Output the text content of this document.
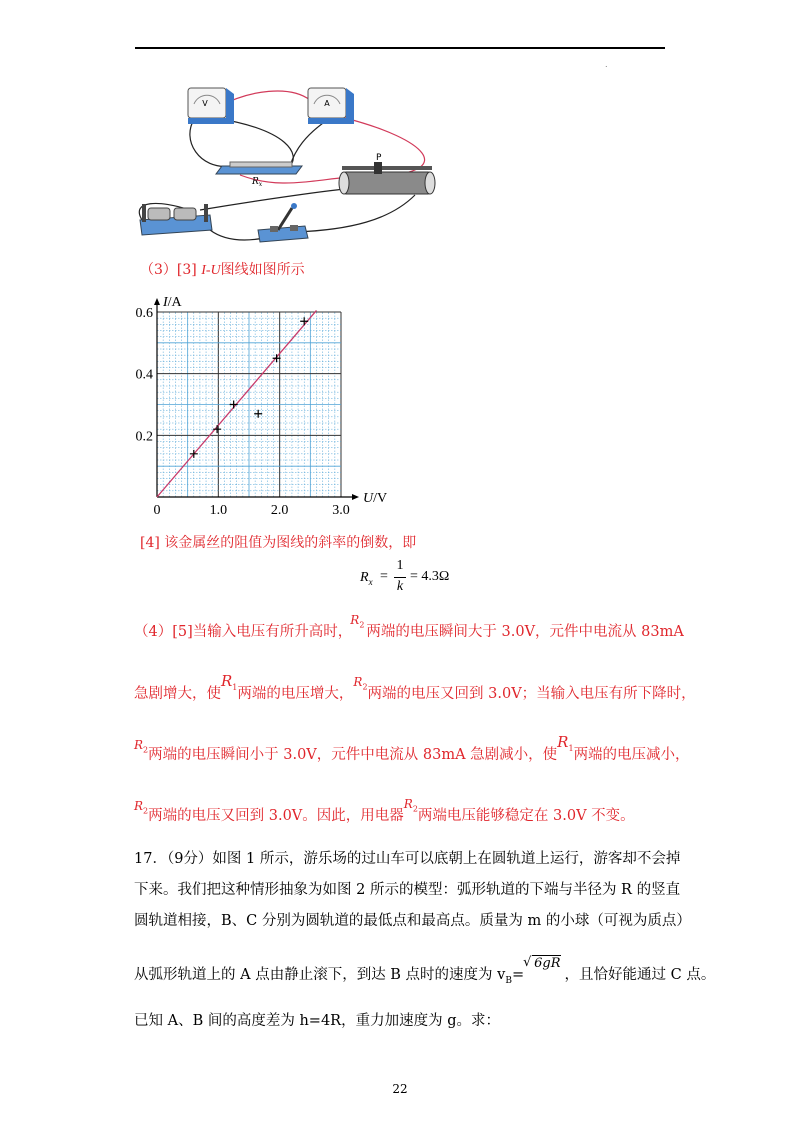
.
V	A
$R_x$
P
（3）[3] I-U图线如图所示
1.0	2.0	3.0
0.2
0.4
0.6
0
U/V
I/A
[4] 该金属丝的阻值为图线的斜率的倒数，即
$R_x$ =
1
k
= 4.3Ω
（4）[5]当输入电压有所升高时，$R_2$ 两端的电压瞬间大于 3.0V，元件中电流从 83mA
急剧增大，使$R_1$两端的电压增大，$R_2$两端的电压又回到 3.0V；当输入电压有所下降时，
$R_2$两端的电压瞬间小于 3.0V，元件中电流从 83mA 急剧减小，使$R_1$两端的电压减小，
$R_2$两端的电压又回到 3.0V。因此，用电器$R_2$两端电压能够稳定在 3.0V 不变。
17．（9分）如图 1 所示，游乐场的过山车可以底朝上在圆轨道上运行，游客却不会掉
下来。我们把这种情形抽象为如图 2 所示的模型：弧形轨道的下端与半径为 R 的竖直
圆轨道相接，B、C 分别为圆轨道的最低点和最高点。质量为 m 的小球（可视为质点）
从弧形轨道上的 A 点由静止滚下，到达 B 点时的速度为 $v_B=$
√ 6gR，且恰好能通过 C 点。
已知 A、B 间的高度差为 h=4R，重力加速度为 g。求：
22
